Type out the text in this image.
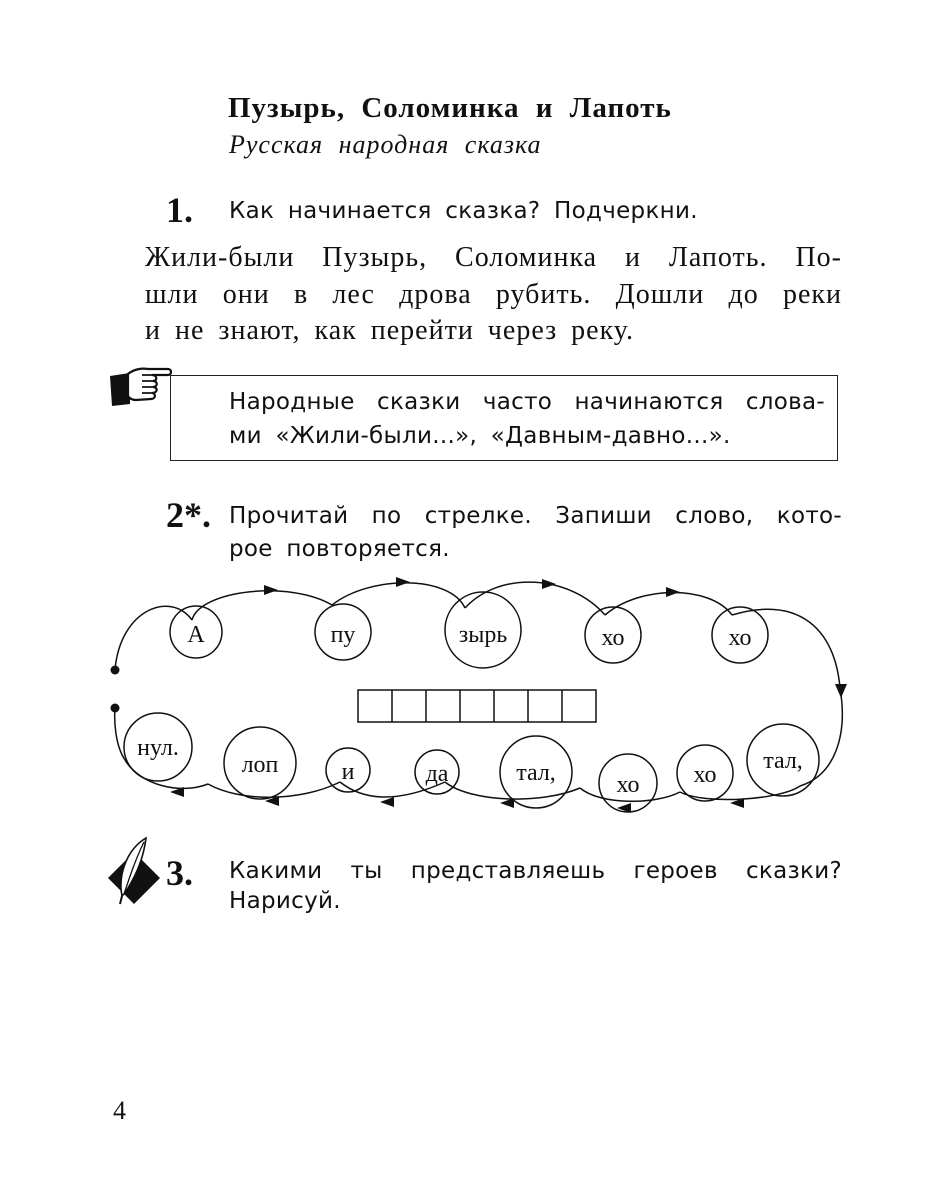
Пузырь, Соломинка и Лапоть
Русская народная сказка
1. Как начинается сказка? Подчеркни.
Жили-были Пузырь, Соломинка и Лапоть. По-
шли они в лес дрова рубить. Дошли до реки
и не знают, как перейти через реку.
Народные сказки часто начинаются слова-
ми «Жили-были...», «Давным-давно...».
2*. Прочитай по стрелке. Запиши слово, кото-
рое повторяется.
А	пу	зырь	хо	хо
тал,
хо
хо
тал,
да
и
лоп
нул.
3. Какими ты представляешь героев сказки?
Нарисуй.
4
